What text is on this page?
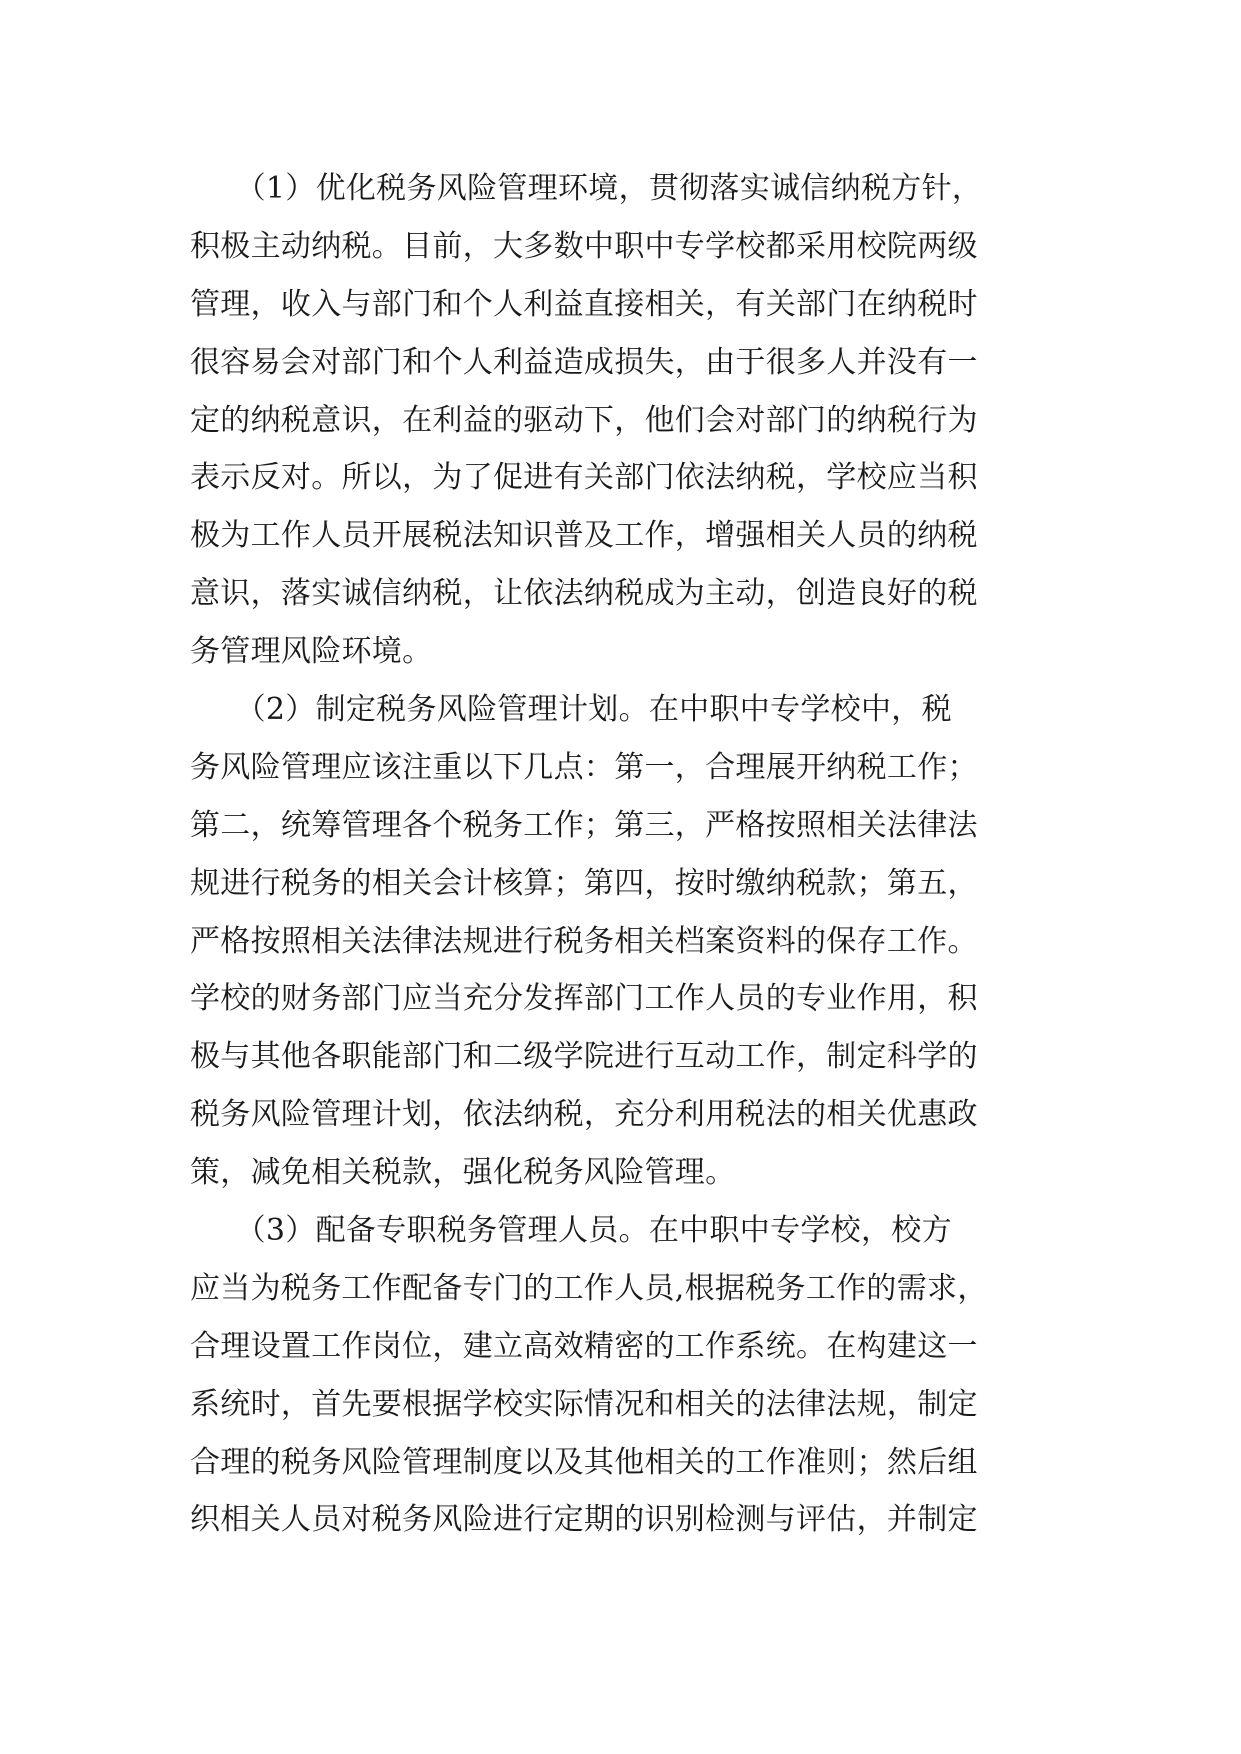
　　（1）优化税务风险管理环境，贯彻落实诚信纳税方针，
积极主动纳税。目前，大多数中职中专学校都采用校院两级
管理，收入与部门和个人利益直接相关，有关部门在纳税时
很容易会对部门和个人利益造成损失，由于很多人并没有一
定的纳税意识，在利益的驱动下，他们会对部门的纳税行为
表示反对。所以，为了促进有关部门依法纳税，学校应当积
极为工作人员开展税法知识普及工作，增强相关人员的纳税
意识，落实诚信纳税，让依法纳税成为主动，创造良好的税
务管理风险环境。
　　（2）制定税务风险管理计划。在中职中专学校中，税
务风险管理应该注重以下几点：第一，合理展开纳税工作；
第二，统筹管理各个税务工作；第三，严格按照相关法律法
规进行税务的相关会计核算；第四，按时缴纳税款；第五，
严格按照相关法律法规进行税务相关档案资料的保存工作。
学校的财务部门应当充分发挥部门工作人员的专业作用，积
极与其他各职能部门和二级学院进行互动工作，制定科学的
税务风险管理计划，依法纳税，充分利用税法的相关优惠政
策，减免相关税款，强化税务风险管理。
　　（3）配备专职税务管理人员。在中职中专学校，校方
应当为税务工作配备专门的工作人员,根据税务工作的需求，
合理设置工作岗位，建立高效精密的工作系统。在构建这一
系统时，首先要根据学校实际情况和相关的法律法规，制定
合理的税务风险管理制度以及其他相关的工作准则；然后组
织相关人员对税务风险进行定期的识别检测与评估，并制定
